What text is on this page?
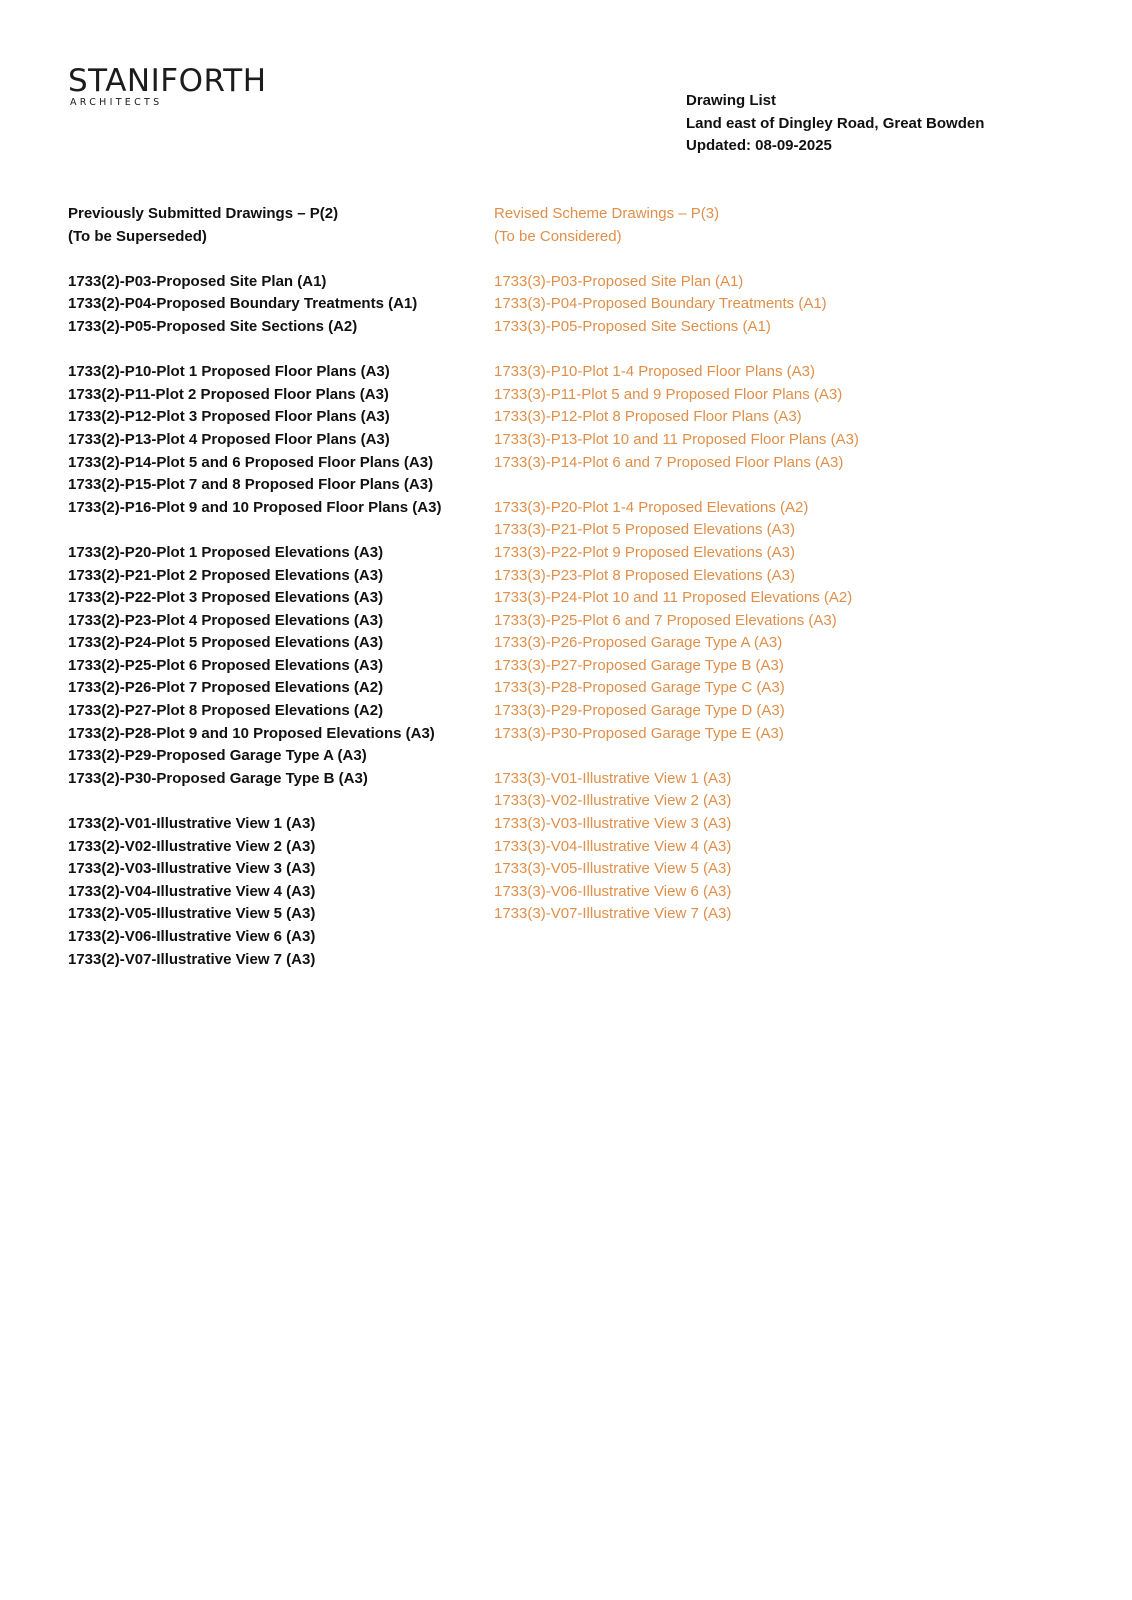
STANIFORTH
ARCHITECTS	Drawing List
Land east of Dingley Road, Great Bowden
Updated: 08-09-2025
Previously Submitted Drawings – P(2)
(To be Superseded)
1733(2)-P03-Proposed Site Plan (A1)
1733(2)-P04-Proposed Boundary Treatments (A1)
1733(2)-P05-Proposed Site Sections (A2)
1733(2)-P10-Plot 1 Proposed Floor Plans (A3)
1733(2)-P11-Plot 2 Proposed Floor Plans (A3)
1733(2)-P12-Plot 3 Proposed Floor Plans (A3)
1733(2)-P13-Plot 4 Proposed Floor Plans (A3)
1733(2)-P14-Plot 5 and 6 Proposed Floor Plans (A3)
1733(2)-P15-Plot 7 and 8 Proposed Floor Plans (A3)
1733(2)-P16-Plot 9 and 10 Proposed Floor Plans (A3)
1733(2)-P20-Plot 1 Proposed Elevations (A3)
1733(2)-P21-Plot 2 Proposed Elevations (A3)
1733(2)-P22-Plot 3 Proposed Elevations (A3)
1733(2)-P23-Plot 4 Proposed Elevations (A3)
1733(2)-P24-Plot 5 Proposed Elevations (A3)
1733(2)-P25-Plot 6 Proposed Elevations (A3)
1733(2)-P26-Plot 7 Proposed Elevations (A2)
1733(2)-P27-Plot 8 Proposed Elevations (A2)
1733(2)-P28-Plot 9 and 10 Proposed Elevations (A3)
1733(2)-P29-Proposed Garage Type A (A3)
1733(2)-P30-Proposed Garage Type B (A3)
1733(2)-V01-Illustrative View 1 (A3)
1733(2)-V02-Illustrative View 2 (A3)
1733(2)-V03-Illustrative View 3 (A3)
1733(2)-V04-Illustrative View 4 (A3)
1733(2)-V05-Illustrative View 5 (A3)
1733(2)-V06-Illustrative View 6 (A3)
1733(2)-V07-Illustrative View 7 (A3)
Revised Scheme Drawings – P(3)
(To be Considered)
1733(3)-P03-Proposed Site Plan (A1)
1733(3)-P04-Proposed Boundary Treatments (A1)
1733(3)-P05-Proposed Site Sections (A1)
1733(3)-P10-Plot 1-4 Proposed Floor Plans (A3)
1733(3)-P11-Plot 5 and 9 Proposed Floor Plans (A3)
1733(3)-P12-Plot 8 Proposed Floor Plans (A3)
1733(3)-P13-Plot 10 and 11 Proposed Floor Plans (A3)
1733(3)-P14-Plot 6 and 7 Proposed Floor Plans (A3)
1733(3)-P20-Plot 1-4 Proposed Elevations (A2)
1733(3)-P21-Plot 5 Proposed Elevations (A3)
1733(3)-P22-Plot 9 Proposed Elevations (A3)
1733(3)-P23-Plot 8 Proposed Elevations (A3)
1733(3)-P24-Plot 10 and 11 Proposed Elevations (A2)
1733(3)-P25-Plot 6 and 7 Proposed Elevations (A3)
1733(3)-P26-Proposed Garage Type A (A3)
1733(3)-P27-Proposed Garage Type B (A3)
1733(3)-P28-Proposed Garage Type C (A3)
1733(3)-P29-Proposed Garage Type D (A3)
1733(3)-P30-Proposed Garage Type E (A3)
1733(3)-V01-Illustrative View 1 (A3)
1733(3)-V02-Illustrative View 2 (A3)
1733(3)-V03-Illustrative View 3 (A3)
1733(3)-V04-Illustrative View 4 (A3)
1733(3)-V05-Illustrative View 5 (A3)
1733(3)-V06-Illustrative View 6 (A3)
1733(3)-V07-Illustrative View 7 (A3)
